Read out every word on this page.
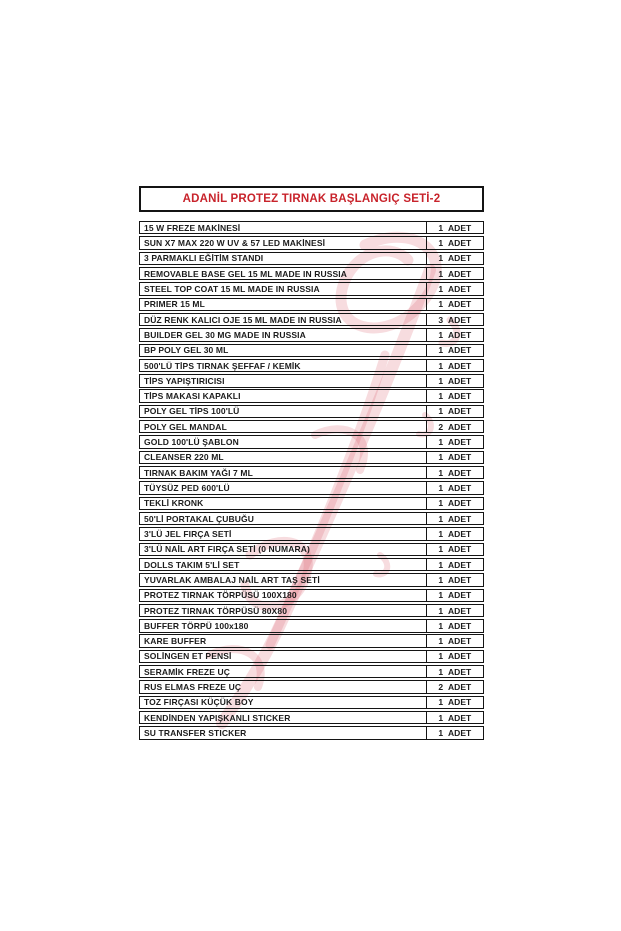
ADANİL PROTEZ TIRNAK BAŞLANGIÇ SETİ-2
15 W FREZE MAKİNESİ	1 ADET
SUN X7 MAX 220 W UV & 57 LED MAKİNESİ	1 ADET
3 PARMAKLI EĞİTİM STANDI	1 ADET
REMOVABLE BASE GEL 15 ML MADE IN RUSSIA	1 ADET
STEEL TOP COAT 15 ML MADE IN RUSSIA	1 ADET
PRIMER 15 ML	1 ADET
DÜZ RENK KALICI OJE 15 ML MADE IN RUSSIA	3 ADET
BUILDER GEL 30 MG MADE IN RUSSIA	1 ADET
BP POLY GEL 30 ML	1 ADET
500'LÜ TİPS TIRNAK ŞEFFAF / KEMİK	1 ADET
TİPS YAPIŞTIRICISI	1 ADET
TİPS MAKASI KAPAKLI	1 ADET
POLY GEL TİPS 100'LÜ	1 ADET
POLY GEL MANDAL	2 ADET
GOLD 100'LÜ ŞABLON	1 ADET
CLEANSER 220 ML	1 ADET
TIRNAK BAKIM YAĞI 7 ML	1 ADET
TÜYSÜZ PED 600'LÜ	1 ADET
TEKLİ KRONK	1 ADET
50'Lİ PORTAKAL ÇUBUĞU	1 ADET
3'LÜ JEL FIRÇA SETİ	1 ADET
3'LÜ NAİL ART FIRÇA SETİ (0 NUMARA)	1 ADET
DOLLS TAKIM 5'Lİ SET	1 ADET
YUVARLAK AMBALAJ NAİL ART TAŞ SETİ	1 ADET
PROTEZ TIRNAK TÖRPÜSÜ 100X180	1 ADET
PROTEZ TIRNAK TÖRPÜSÜ 80X80	1 ADET
BUFFER TÖRPÜ 100x180	1 ADET
KARE BUFFER	1 ADET
SOLİNGEN ET PENSİ	1 ADET
SERAMİK FREZE UÇ	1 ADET
RUS ELMAS FREZE UÇ	2 ADET
TOZ FIRÇASI KÜÇÜK BOY	1 ADET
KENDİNDEN YAPIŞKANLI STICKER	1 ADET
SU TRANSFER STICKER	1 ADET
